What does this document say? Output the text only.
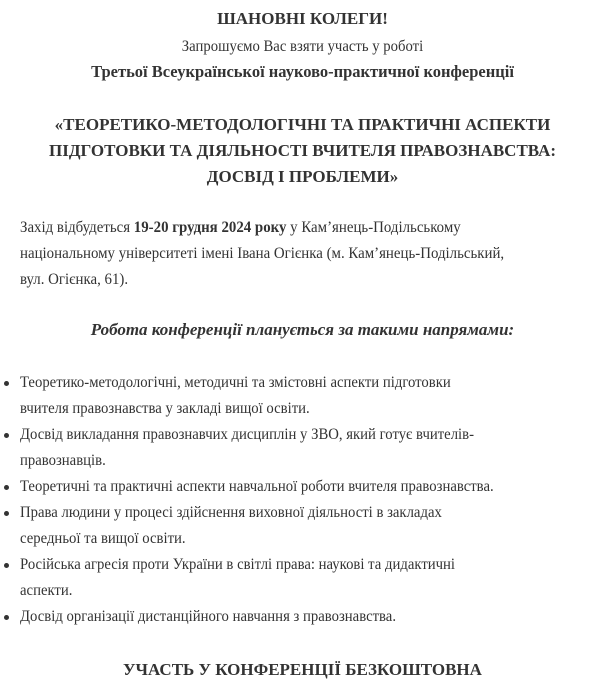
ШАНОВНІ КОЛЕГИ!
Запрошуємо Вас взяти участь у роботі
Третьої Всеукраїнської науково-практичної конференції
«ТЕОРЕТИКО-МЕТОДОЛОГІЧНІ ТА ПРАКТИЧНІ АСПЕКТИ
ПІДГОТОВКИ ТА ДІЯЛЬНОСТІ ВЧИТЕЛЯ ПРАВОЗНАВСТВА:
ДОСВІД І ПРОБЛЕМИ»
Захід відбудеться 19-20 грудня 2024 року у Кам’янець-Подільському
національному університеті імені Івана Огієнка (м. Кам’янець-Подільський,
вул. Огієнка, 61).
Робота конференції планується за такими напрямами:
Теоретико-методологічні, методичні та змістовні аспекти підготовки
вчителя правознавства у закладі вищої освіти.
Досвід викладання правознавчих дисциплін у ЗВО, який готує вчителів-
правознавців.
Теоретичні та практичні аспекти навчальної роботи вчителя правознавства.
Права людини у процесі здійснення виховної діяльності в закладах
середньої та вищої освіти.
Російська агресія проти України в світлі права: наукові та дидактичні
аспекти.
Досвід організації дистанційного навчання з правознавства.
УЧАСТЬ У КОНФЕРЕНЦІЇ БЕЗКОШТОВНА
